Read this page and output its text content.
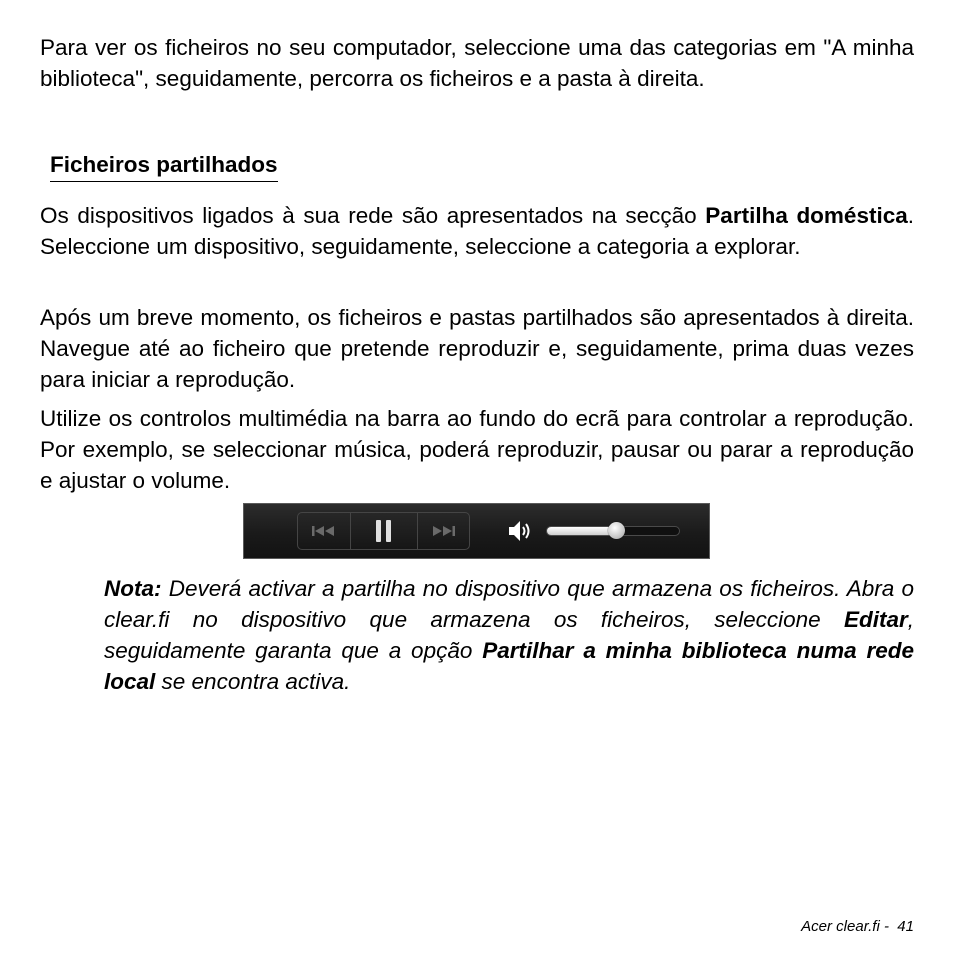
Para ver os ficheiros no seu computador, seleccione uma das categorias em "A minha biblioteca", seguidamente, percorra os ficheiros e a pasta à direita.

Ficheiros partilhados

Os dispositivos ligados à sua rede são apresentados na secção Partilha doméstica. Seleccione um dispositivo, seguidamente, seleccione a categoria a explorar.

Após um breve momento, os ficheiros e pastas partilhados são apresentados à direita. Navegue até ao ficheiro que pretende reproduzir e, seguidamente, prima duas vezes para iniciar a reprodução.

Utilize os controlos multimédia na barra ao fundo do ecrã para controlar a reprodução. Por exemplo, se seleccionar música, poderá reproduzir, pausar ou parar a reprodução e ajustar o volume.

Nota: Deverá activar a partilha no dispositivo que armazena os ficheiros. Abra o clear.fi no dispositivo que armazena os ficheiros, seleccione Editar, seguidamente garanta que a opção Partilhar a minha biblioteca numa rede local se encontra activa.

Acer clear.fi -  41
